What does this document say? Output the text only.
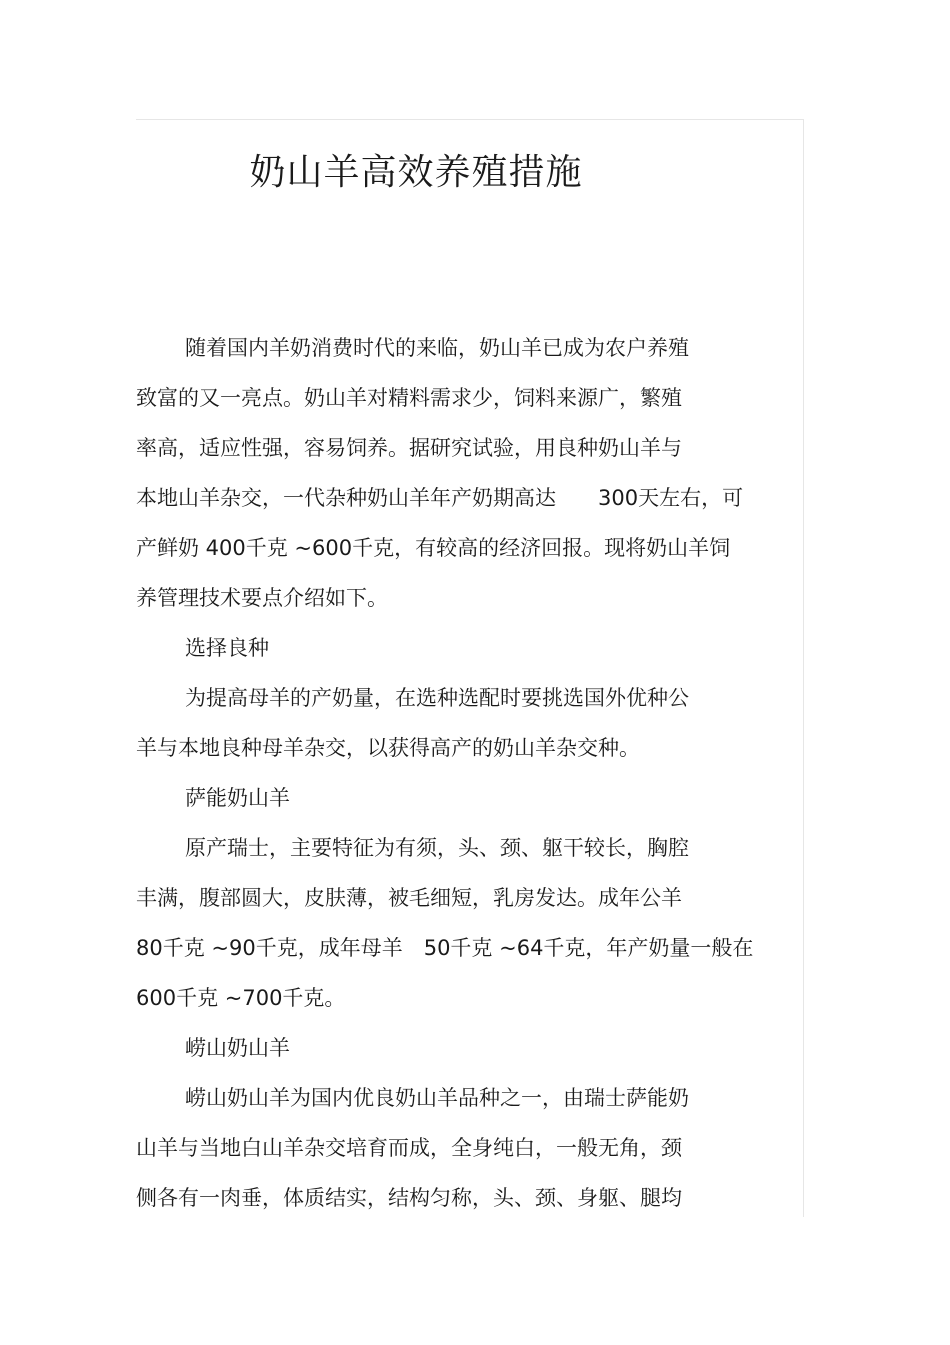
奶山羊高效养殖措施
随着国内羊奶消费时代的来临，奶山羊已成为农户养殖
致富的又一亮点。奶山羊对精料需求少，饲料来源广，繁殖
率高，适应性强，容易饲养。据研究试验，用良种奶山羊与
本地山羊杂交，一代杂种奶山羊年产奶期高达　　300天左右，可
产鲜奶 400千克 ~600千克，有较高的经济回报。现将奶山羊饲
养管理技术要点介绍如下。
选择良种
为提高母羊的产奶量，在选种选配时要挑选国外优种公
羊与本地良种母羊杂交，以获得高产的奶山羊杂交种。
萨能奶山羊
原产瑞士，主要特征为有须，头、颈、躯干较长，胸腔
丰满，腹部圆大，皮肤薄，被毛细短，乳房发达。成年公羊
80千克 ~90千克，成年母羊　50千克 ~64千克，年产奶量一般在
600千克 ~700千克。
崂山奶山羊
崂山奶山羊为国内优良奶山羊品种之一，由瑞士萨能奶
山羊与当地白山羊杂交培育而成，全身纯白，一般无角，颈
侧各有一肉垂，体质结实，结构匀称，头、颈、身躯、腿均
